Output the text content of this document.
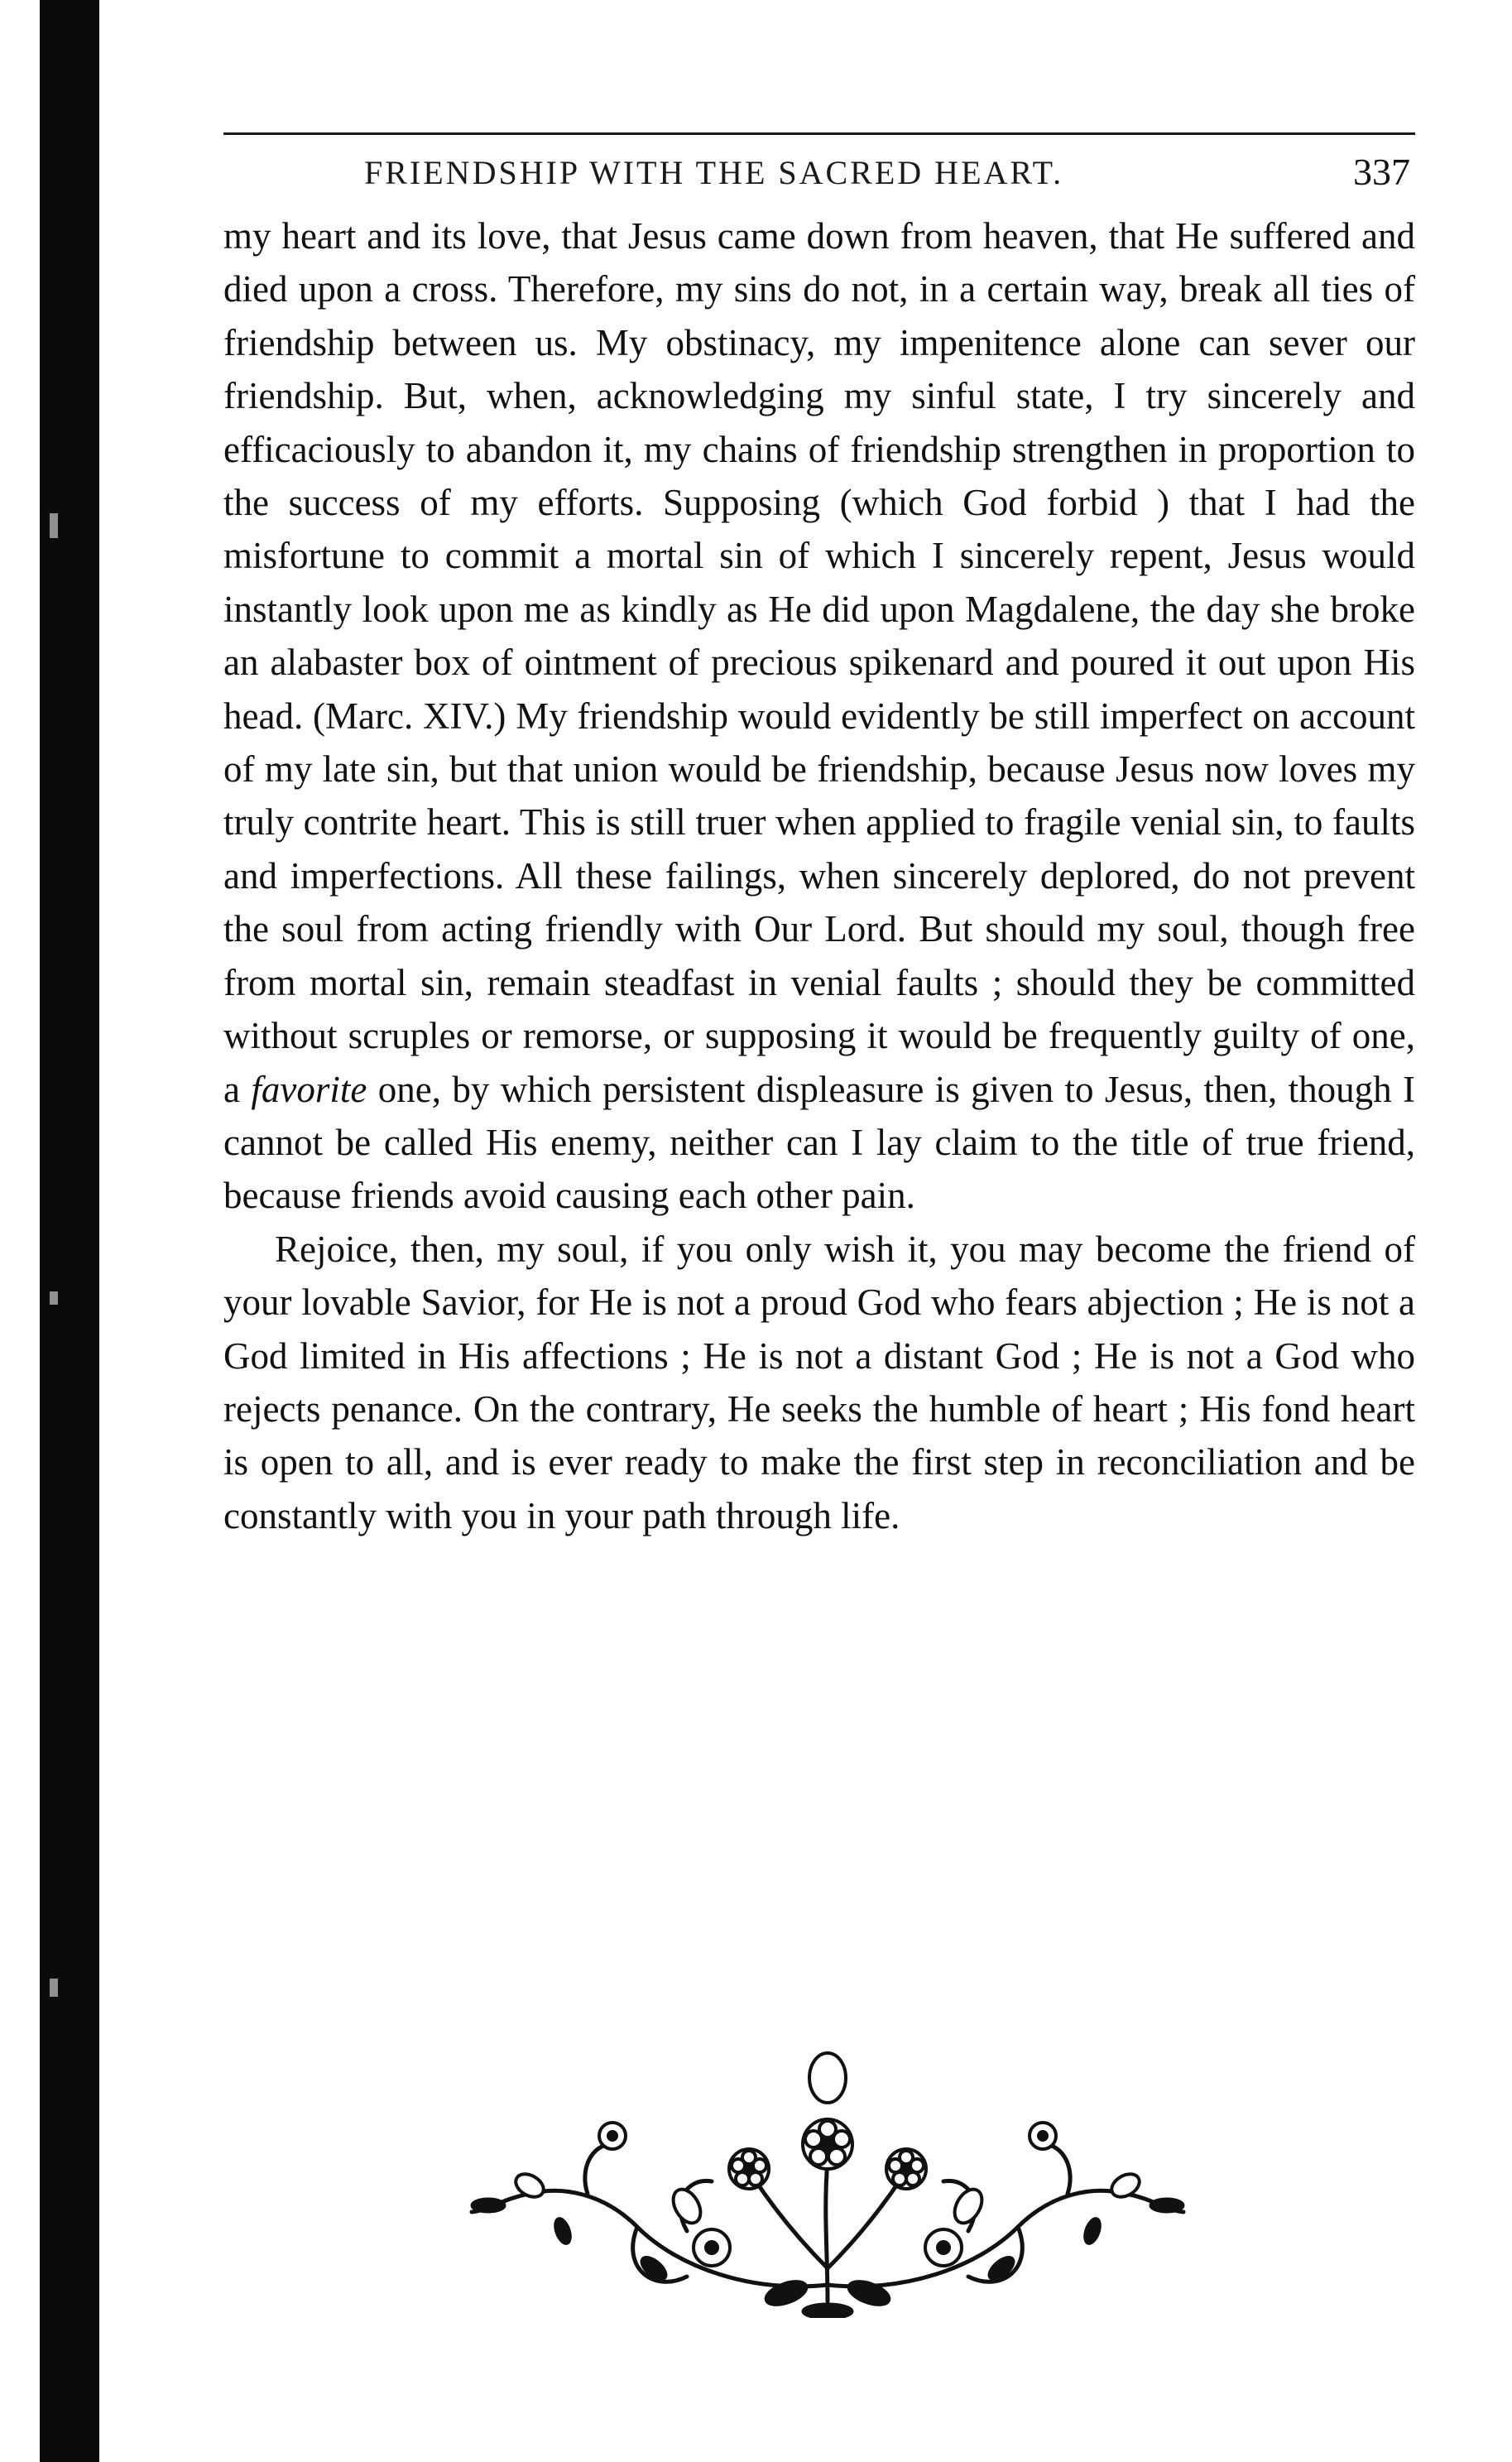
FRIENDSHIP WITH THE SACRED HEART.	337

my heart and its love, that Jesus came down from heaven, that He suffered and died upon a cross. Therefore, my sins do not, in a certain way, break all ties of friendship between us. My obstinacy, my impenitence alone can sever our friendship. But, when, acknowledging my sinful state, I try sincerely and efficaciously to abandon it, my chains of friendship strengthen in proportion to the success of my efforts. Supposing (which God forbid ) that I had the misfortune to commit a mortal sin of which I sincerely repent, Jesus would instantly look upon me as kindly as He did upon Magdalene, the day she broke an alabaster box of ointment of precious spikenard and poured it out upon His head. (Marc. XIV.) My friendship would evidently be still imperfect on account of my late sin, but that union would be friendship, because Jesus now loves my truly contrite heart. This is still truer when applied to fragile venial sin, to faults and imperfections. All these failings, when sincerely deplored, do not prevent the soul from acting friendly with Our Lord. But should my soul, though free from mortal sin, remain steadfast in venial faults ; should they be committed without scruples or remorse, or supposing it would be frequently guilty of one, a favorite one, by which persistent displeasure is given to Jesus, then, though I cannot be called His enemy, neither can I lay claim to the title of true friend, because friends avoid causing each other pain.

Rejoice, then, my soul, if you only wish it, you may become the friend of your lovable Savior, for He is not a proud God who fears abjection ; He is not a God limited in His affections ; He is not a distant God ; He is not a God who rejects penance. On the contrary, He seeks the humble of heart ; His fond heart is open to all, and is ever ready to make the first step in reconciliation and be constantly with you in your path through life.
